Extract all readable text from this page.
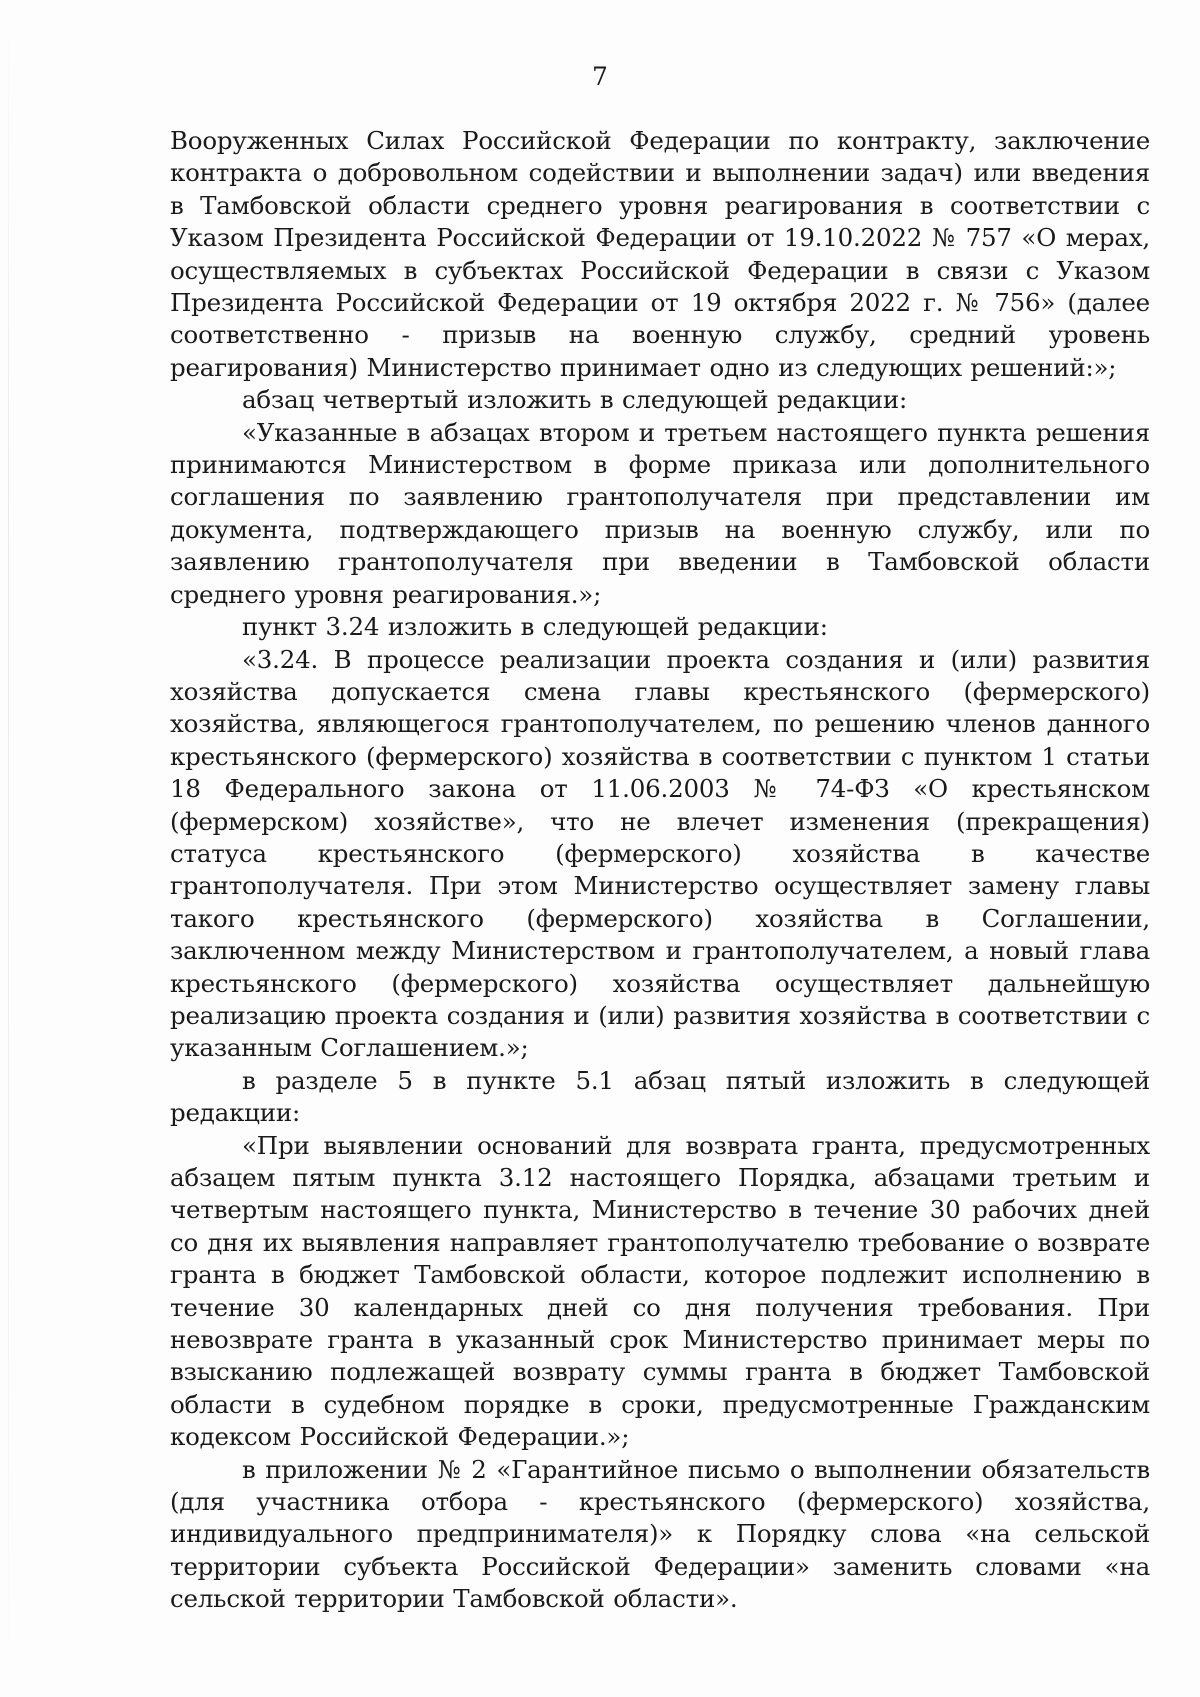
7

Вооруженных Силах Российской Федерации по контракту, заключение контракта о добровольном содействии и выполнении задач) или введения в Тамбовской области среднего уровня реагирования в соответствии с Указом Президента Российской Федерации от 19.10.2022 № 757 «О мерах, осуществляемых в субъектах Российской Федерации в связи с Указом Президента Российской Федерации от 19 октября 2022 г. № 756» (далее соответственно - призыв на военную службу, средний уровень реагирования) Министерство принимает одно из следующих решений:»;

абзац четвертый изложить в следующей редакции:

«Указанные в абзацах втором и третьем настоящего пункта решения принимаются Министерством в форме приказа или дополнительного соглашения по заявлению грантополучателя при представлении им документа, подтверждающего призыв на военную службу, или по заявлению грантополучателя при введении в Тамбовской области среднего уровня реагирования.»;

пункт 3.24 изложить в следующей редакции:

«3.24. В процессе реализации проекта создания и (или) развития хозяйства допускается смена главы крестьянского (фермерского) хозяйства, являющегося грантополучателем, по решению членов данного крестьянского (фермерского) хозяйства в соответствии с пунктом 1 статьи 18 Федерального закона от 11.06.2003 № 74-ФЗ «О крестьянском (фермерском) хозяйстве», что не влечет изменения (прекращения) статуса крестьянского (фермерского) хозяйства в качестве грантополучателя. При этом Министерство осуществляет замену главы такого крестьянского (фермерского) хозяйства в Соглашении, заключенном между Министерством и грантополучателем, а новый глава крестьянского (фермерского) хозяйства осуществляет дальнейшую реализацию проекта создания и (или) развития хозяйства в соответствии с указанным Соглашением.»;

в разделе 5 в пункте 5.1 абзац пятый изложить в следующей редакции:

«При выявлении оснований для возврата гранта, предусмотренных абзацем пятым пункта 3.12 настоящего Порядка, абзацами третьим и четвертым настоящего пункта, Министерство в течение 30 рабочих дней со дня их выявления направляет грантополучателю требование о возврате гранта в бюджет Тамбовской области, которое подлежит исполнению в течение 30 календарных дней со дня получения требования. При невозврате гранта в указанный срок Министерство принимает меры по взысканию подлежащей возврату суммы гранта в бюджет Тамбовской области в судебном порядке в сроки, предусмотренные Гражданским кодексом Российской Федерации.»;

в приложении № 2 «Гарантийное письмо о выполнении обязательств (для участника отбора - крестьянского (фермерского) хозяйства, индивидуального предпринимателя)» к Порядку слова «на сельской территории субъекта Российской Федерации» заменить словами «на сельской территории Тамбовской области».
